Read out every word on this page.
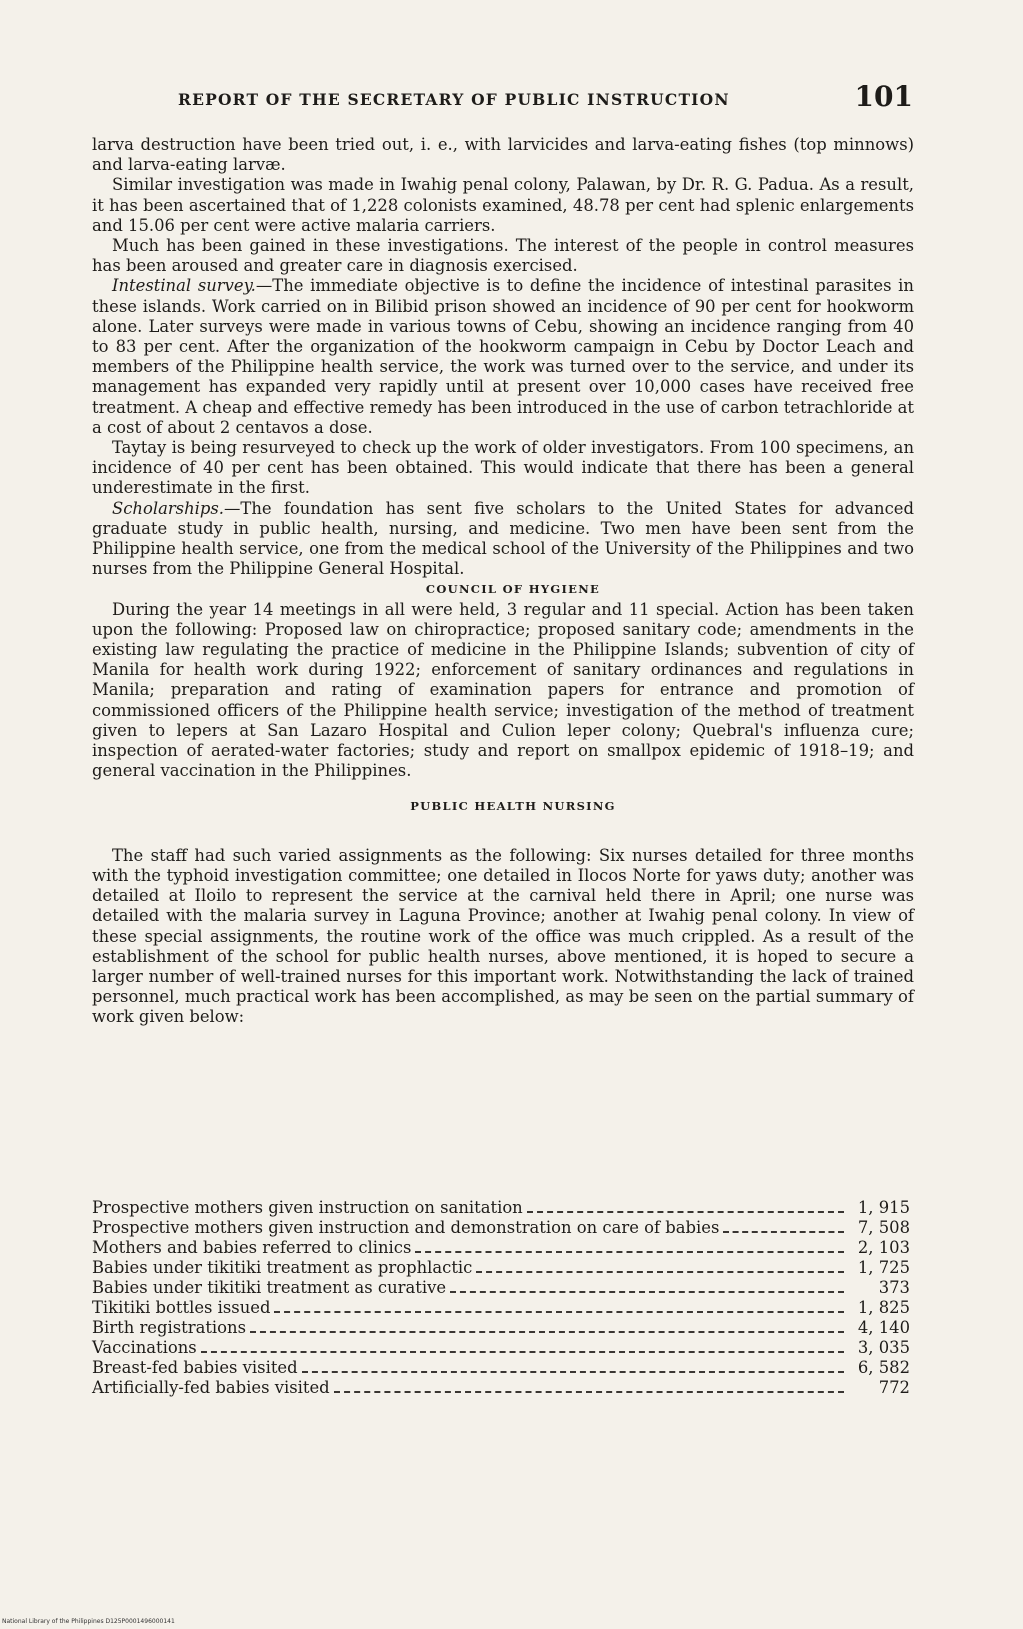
REPORT OF THE SECRETARY OF PUBLIC INSTRUCTION	101

larva destruction have been tried out, i. e., with larvicides and larva-eating fishes (top minnows) and larva-eating larvæ.

Similar investigation was made in Iwahig penal colony, Palawan, by Dr. R. G. Padua. As a result, it has been ascertained that of 1,228 colonists examined, 48.78 per cent had splenic enlargements and 15.06 per cent were active malaria carriers.

Much has been gained in these investigations. The interest of the people in control measures has been aroused and greater care in diagnosis exercised.

Intestinal survey.—The immediate objective is to define the incidence of intestinal parasites in these islands. Work carried on in Bilibid prison showed an incidence of 90 per cent for hookworm alone. Later surveys were made in various towns of Cebu, showing an incidence ranging from 40 to 83 per cent. After the organization of the hookworm campaign in Cebu by Doctor Leach and members of the Philippine health service, the work was turned over to the service, and under its management has expanded very rapidly until at present over 10,000 cases have received free treatment. A cheap and effective remedy has been introduced in the use of carbon tetrachloride at a cost of about 2 centavos a dose.

Taytay is being resurveyed to check up the work of older investigators. From 100 specimens, an incidence of 40 per cent has been obtained. This would indicate that there has been a general underestimate in the first.

Scholarships.—The foundation has sent five scholars to the United States for advanced graduate study in public health, nursing, and medicine. Two men have been sent from the Philippine health service, one from the medical school of the University of the Philippines and two nurses from the Philippine General Hospital.

COUNCIL OF HYGIENE

During the year 14 meetings in all were held, 3 regular and 11 special. Action has been taken upon the following: Proposed law on chiropractice; proposed sanitary code; amendments in the existing law regulating the practice of medicine in the Philippine Islands; subvention of city of Manila for health work during 1922; enforcement of sanitary ordinances and regulations in Manila; preparation and rating of examination papers for entrance and promotion of commissioned officers of the Philippine health service; investigation of the method of treatment given to lepers at San Lazaro Hospital and Culion leper colony; Quebral's influenza cure; inspection of aerated-water factories; study and report on smallpox epidemic of 1918–19; and general vaccination in the Philippines.

PUBLIC HEALTH NURSING

The staff had such varied assignments as the following: Six nurses detailed for three months with the typhoid investigation committee; one detailed in Ilocos Norte for yaws duty; another was detailed at Iloilo to represent the service at the carnival held there in April; one nurse was detailed with the malaria survey in Laguna Province; another at Iwahig penal colony. In view of these special assignments, the routine work of the office was much crippled. As a result of the establishment of the school for public health nurses, above mentioned, it is hoped to secure a larger number of well-trained nurses for this important work. Notwithstanding the lack of trained personnel, much practical work has been accomplished, as may be seen on the partial summary of work given below:

Prospective mothers given instruction on sanitation	1, 915
Prospective mothers given instruction and demonstration on care of babies	7, 508
Mothers and babies referred to clinics	2, 103
Babies under tikitiki treatment as prophlactic	1, 725
Babies under tikitiki treatment as curative	373
Tikitiki bottles issued	1, 825
Birth registrations	4, 140
Vaccinations	3, 035
Breast-fed babies visited	6, 582
Artificially-fed babies visited	772
National Library of the Philippines D125P0001496000141
